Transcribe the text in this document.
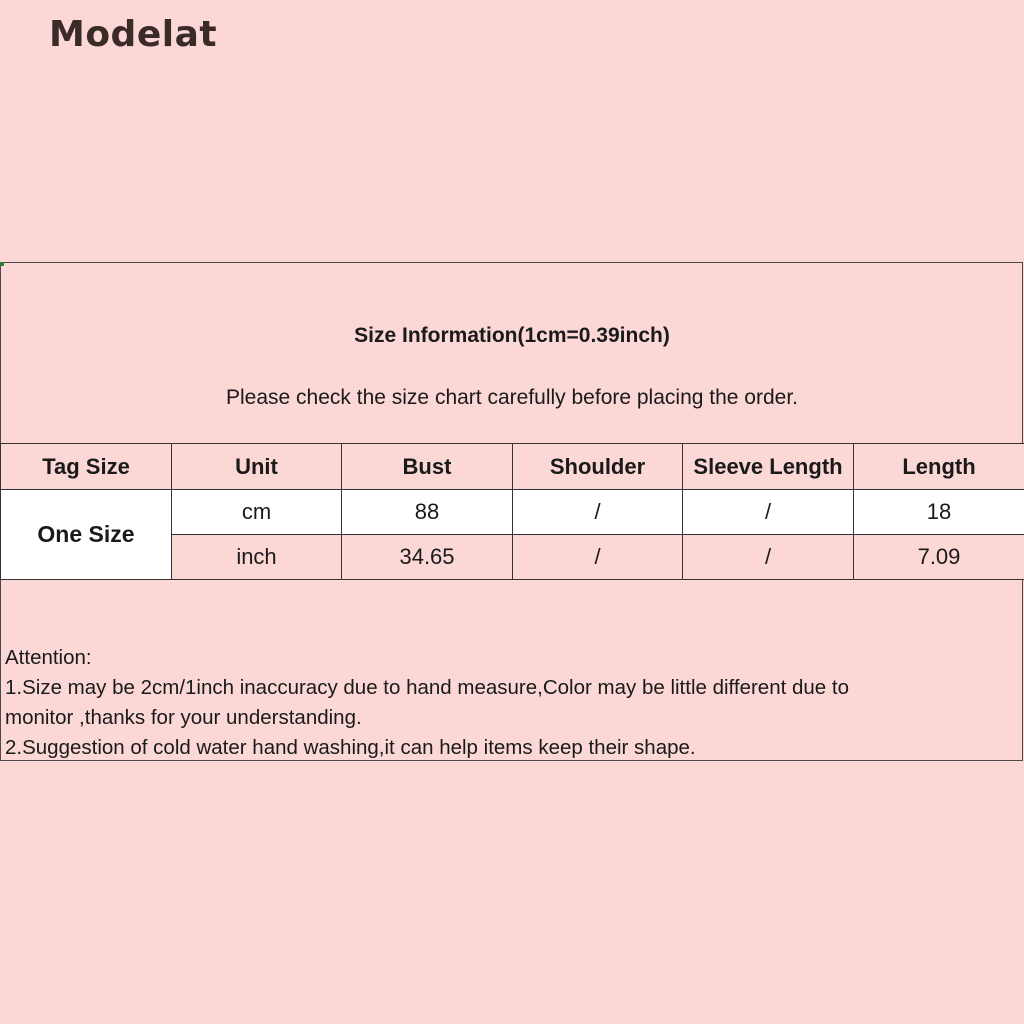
Modelat
Size Information(1cm=0.39inch)
Please check the size chart carefully before placing the order.
Tag Size	Unit	Bust	Shoulder	Sleeve Length	Length
One Size	cm	88	/	/	18
	inch	34.65	/	/	7.09
Attention:
1.Size may be 2cm/1inch inaccuracy due to hand measure,Color may be little different due to
monitor ,thanks for your understanding.
2.Suggestion of cold water hand washing,it can help items keep their shape.
